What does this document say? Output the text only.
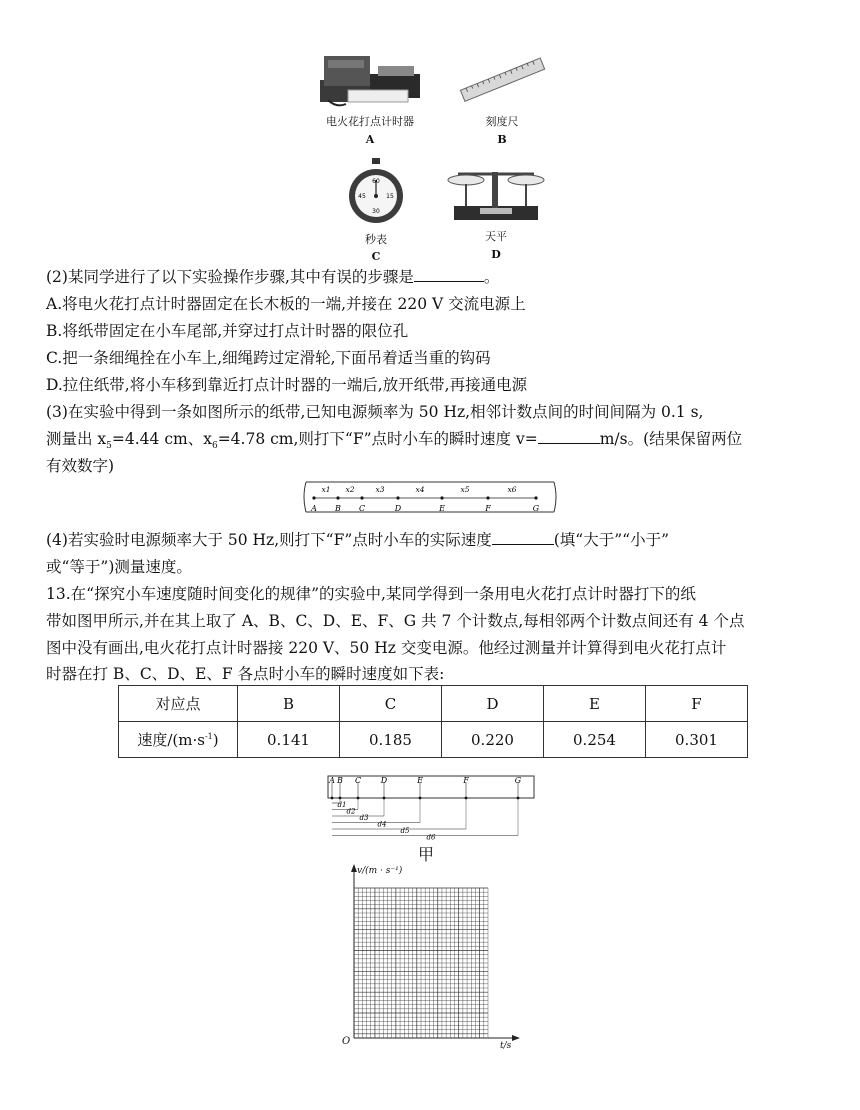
电火花打点计时器
A
刻度尺
B
60
15
30
45
秒表
C
天平
D
(2)某同学进行了以下实验操作步骤,其中有误的步骤是	。
A.将电火花打点计时器固定在长木板的一端,并接在 220 V 交流电源上
B.将纸带固定在小车尾部,并穿过打点计时器的限位孔
C.把一条细绳拴在小车上,细绳跨过定滑轮,下面吊着适当重的钩码
D.拉住纸带,将小车移到靠近打点计时器的一端后,放开纸带,再接通电源
(3)在实验中得到一条如图所示的纸带,已知电源频率为 50 Hz,相邻计数点间的时间间隔为 0.1 s,
测量出 $x_5=4.44$ cm、$x_6=4.78$ cm,则打下“F”点时小车的瞬时速度 v=	m/s。(结果保留两位
有效数字)
A B C	D	E	F	G
x1 x2	x3	x4	x5	x6
(4)若实验时电源频率大于 50 Hz,则打下“F”点时小车的实际速度	(填“大于”“小于”
或“等于”)测量速度。
13.在“探究小车速度随时间变化的规律”的实验中,某同学得到一条用电火花打点计时器打下的纸
带如图甲所示,并在其上取了 A、B、C、D、E、F、G 共 7 个计数点,每相邻两个计数点间还有 4 个点
图中没有画出,电火花打点计时器接 220 V、50 Hz 交变电源。他经过测量并计算得到电火花打点计
时器在打 B、C、D、E、F 各点时小车的瞬时速度如下表:
对应点	B	C	D	E	F
速度$/(m\cdot s^{-1})$	0.141	0.185	0.220	0.254	0.301
A B C D	E	F	G
d1
d2
d3
d4
d5
d6
甲
v/(m · s⁻¹)
t/s
O
